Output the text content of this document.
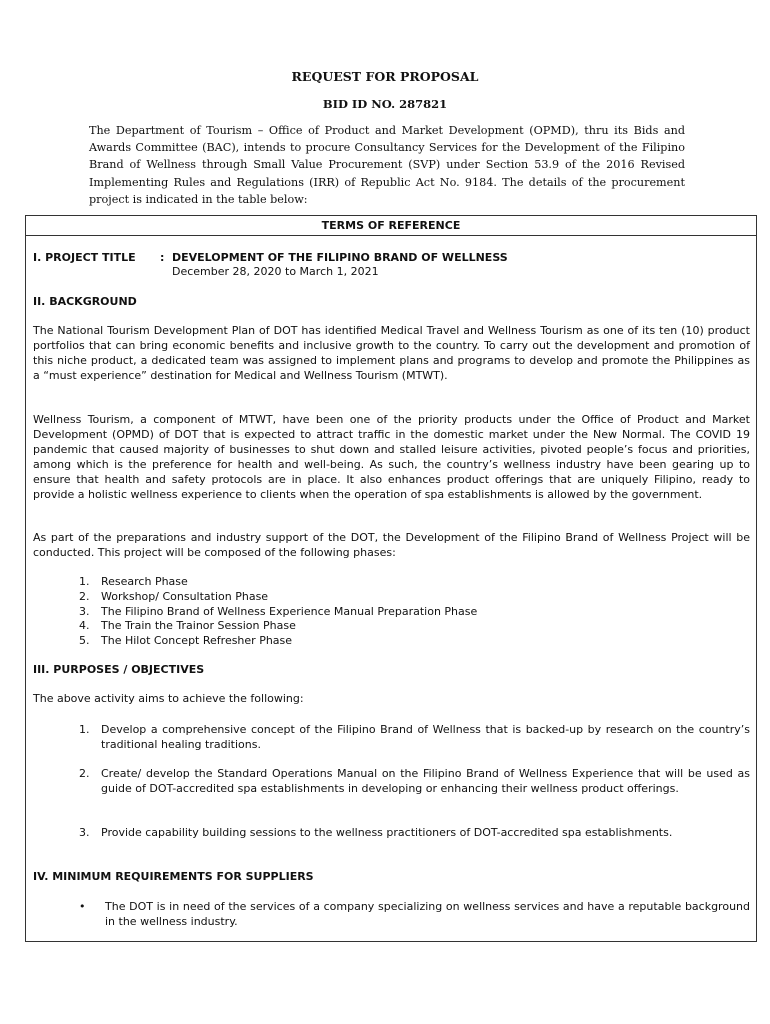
REQUEST FOR PROPOSAL
BID ID NO. 287821
The Department of Tourism – Office of Product and Market Development (OPMD), thru its Bids and Awards Committee (BAC), intends to procure Consultancy Services for the Development of the Filipino Brand of Wellness through Small Value Procurement (SVP) under Section 53.9 of the 2016 Revised Implementing Rules and Regulations (IRR) of Republic Act No. 9184. The details of the procurement project is indicated in the table below:
TERMS OF REFERENCE
I. PROJECT TITLE : DEVELOPMENT OF THE FILIPINO BRAND OF WELLNESS
December 28, 2020 to March 1, 2021
II. BACKGROUND
The National Tourism Development Plan of DOT has identified Medical Travel and Wellness Tourism as one of its ten (10) product portfolios that can bring economic benefits and inclusive growth to the country. To carry out the development and promotion of this niche product, a dedicated team was assigned to implement plans and programs to develop and promote the Philippines as a “must experience” destination for Medical and Wellness Tourism (MTWT).
Wellness Tourism, a component of MTWT, have been one of the priority products under the Office of Product and Market Development (OPMD) of DOT that is expected to attract traffic in the domestic market under the New Normal. The COVID 19 pandemic that caused majority of businesses to shut down and stalled leisure activities, pivoted people’s focus and priorities, among which is the preference for health and well-being. As such, the country’s wellness industry have been gearing up to ensure that health and safety protocols are in place. It also enhances product offerings that are uniquely Filipino, ready to provide a holistic wellness experience to clients when the operation of spa establishments is allowed by the government.
As part of the preparations and industry support of the DOT, the Development of the Filipino Brand of Wellness Project will be conducted. This project will be composed of the following phases:
1. Research Phase
2. Workshop/ Consultation Phase
3. The Filipino Brand of Wellness Experience Manual Preparation Phase
4. The Train the Trainor Session Phase
5. The Hilot Concept Refresher Phase
III. PURPOSES / OBJECTIVES
The above activity aims to achieve the following:
1. Develop a comprehensive concept of the Filipino Brand of Wellness that is backed-up by research on the country’s traditional healing traditions.
2. Create/ develop the Standard Operations Manual on the Filipino Brand of Wellness Experience that will be used as guide of DOT-accredited spa establishments in developing or enhancing their wellness product offerings.
3. Provide capability building sessions to the wellness practitioners of DOT-accredited spa establishments.
IV. MINIMUM REQUIREMENTS FOR SUPPLIERS
• The DOT is in need of the services of a company specializing on wellness services and have a reputable background in the wellness industry.
